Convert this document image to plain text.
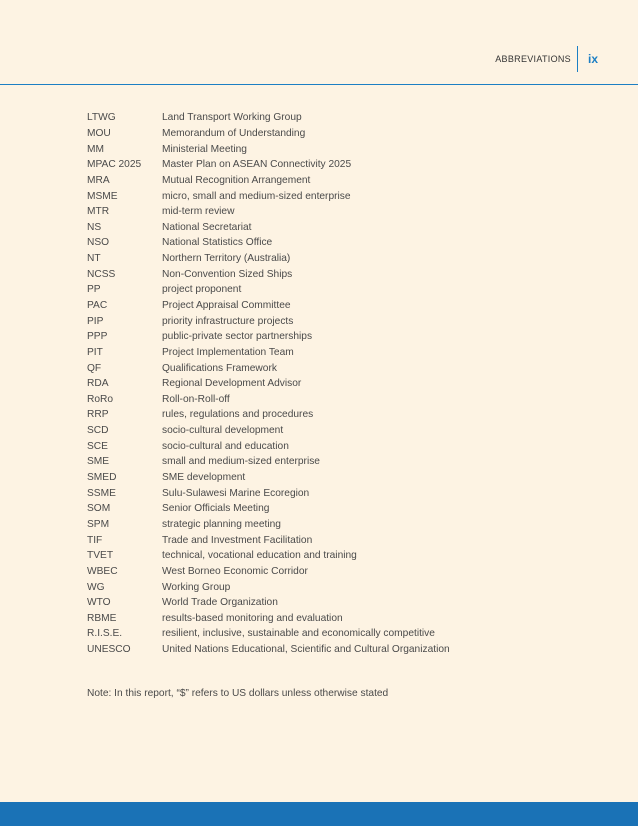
ABBREVIATIONS ix
LTWG	Land Transport Working Group
MOU	Memorandum of Understanding
MM	Ministerial Meeting
MPAC 2025	Master Plan on ASEAN Connectivity 2025
MRA	Mutual Recognition Arrangement
MSME	micro, small and medium-sized enterprise
MTR	mid-term review
NS	National Secretariat
NSO	National Statistics Office
NT	Northern Territory (Australia)
NCSS	Non-Convention Sized Ships
PP	project proponent
PAC	Project Appraisal Committee
PIP	priority infrastructure projects
PPP	public-private sector partnerships
PIT	Project Implementation Team
QF	Qualifications Framework
RDA	Regional Development Advisor
RoRo	Roll-on-Roll-off
RRP	rules, regulations and procedures
SCD	socio-cultural development
SCE	socio-cultural and education
SME	small and medium-sized enterprise
SMED	SME development
SSME	Sulu-Sulawesi Marine Ecoregion
SOM	Senior Officials Meeting
SPM	strategic planning meeting
TIF	Trade and Investment Facilitation
TVET	technical, vocational education and training
WBEC	West Borneo Economic Corridor
WG	Working Group
WTO	World Trade Organization
RBME	results-based monitoring and evaluation
R.I.S.E.	resilient, inclusive, sustainable and economically competitive
UNESCO	United Nations Educational, Scientific and Cultural Organization
Note: In this report, “$” refers to US dollars unless otherwise stated
